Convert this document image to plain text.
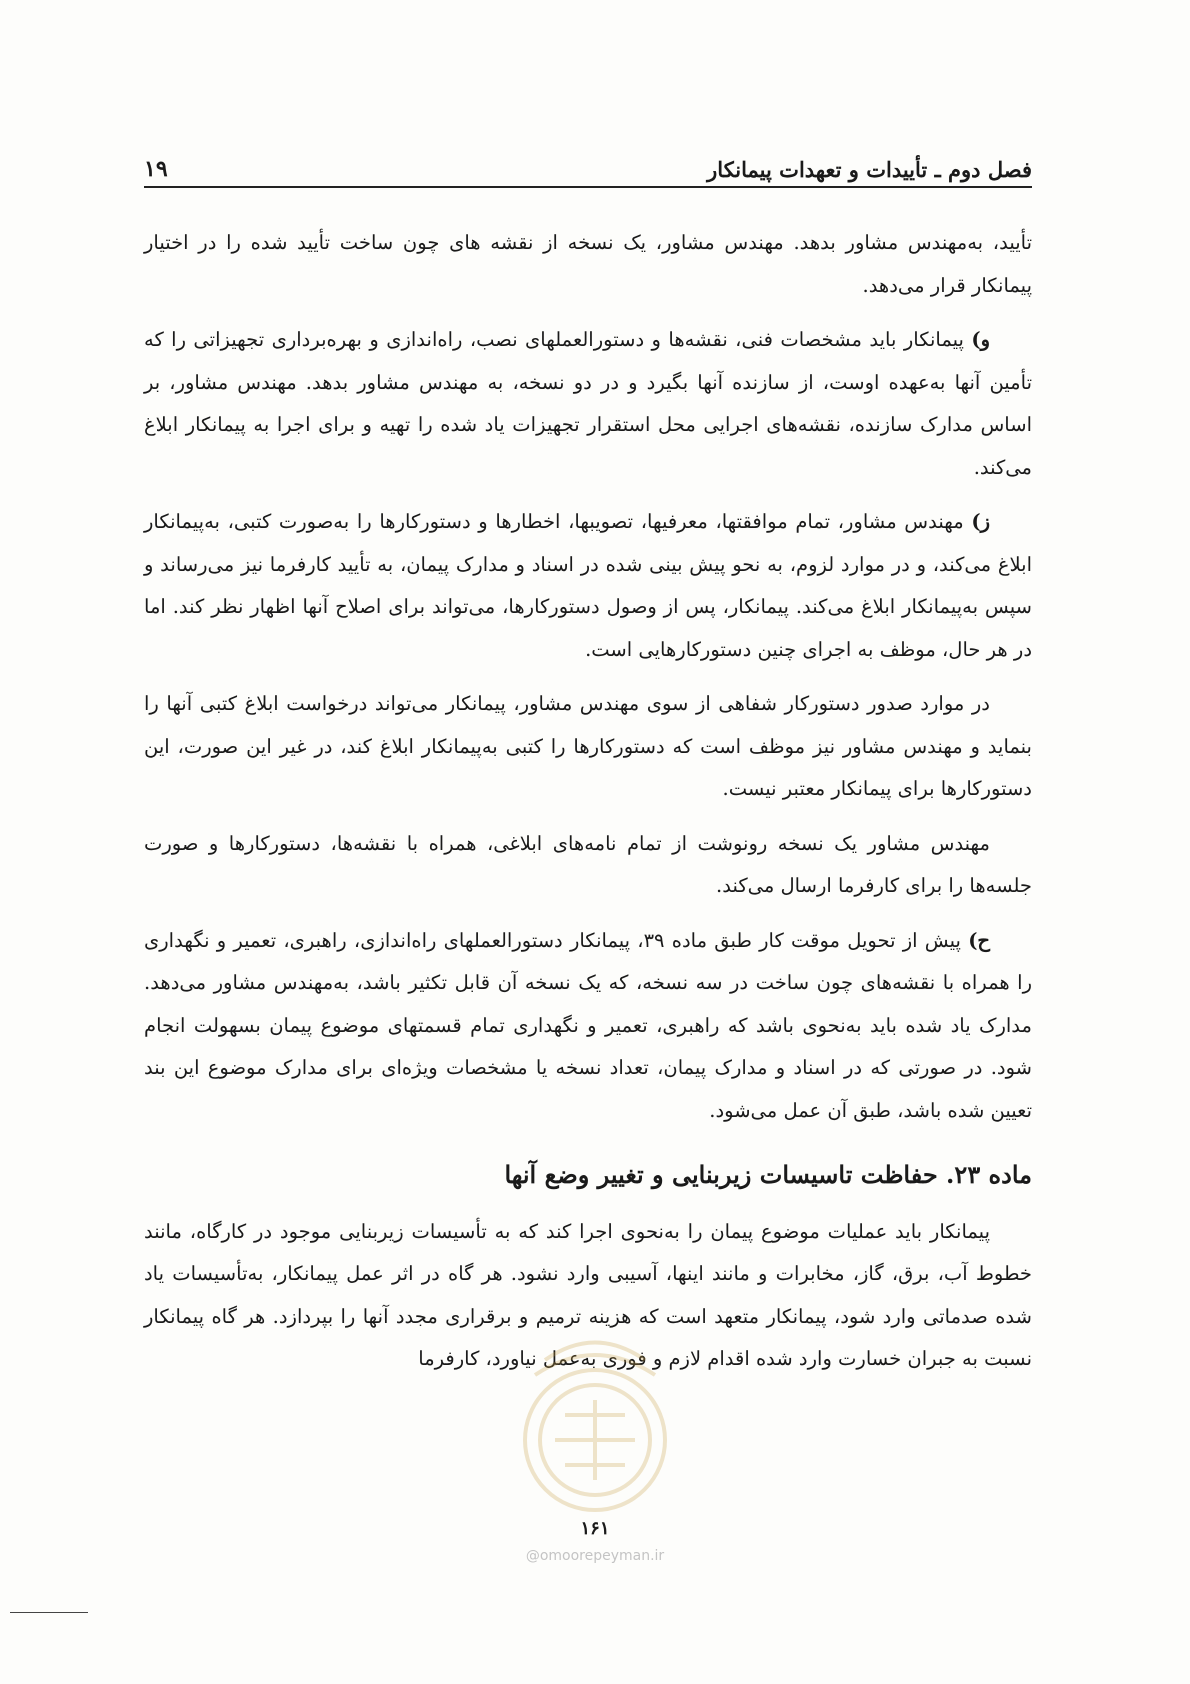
فصل دوم ـ تأییدات و تعهدات پیمانکار
۱۹

تأیید، به‌مهندس مشاور بدهد. مهندس مشاور، یک نسخه از نقشه های چون ساخت تأیید شده را در اختیار پیمانکار قرار می‌دهد.

و) پیمانکار باید مشخصات فنی، نقشه‌ها و دستورالعملهای نصب، راه‌اندازی و بهره‌برداری تجهیزاتی را که تأمین آنها به‌عهده اوست، از سازنده آنها بگیرد و در دو نسخه، به مهندس مشاور بدهد. مهندس مشاور، بر اساس مدارک سازنده، نقشه‌های اجرایی محل استقرار تجهیزات یاد شده را تهیه و برای اجرا به پیمانکار ابلاغ می‌کند.

ز) مهندس مشاور، تمام موافقتها، معرفیها، تصویبها، اخطارها و دستورکارها را به‌صورت کتبی، به‌پیمانکار ابلاغ می‌کند، و در موارد لزوم، به نحو پیش بینی شده در اسناد و مدارک پیمان، به تأیید کارفرما نیز می‌رساند و سپس به‌پیمانکار ابلاغ می‌کند. پیمانکار، پس از وصول دستورکارها، می‌تواند برای اصلاح آنها اظهار نظر کند. اما در هر حال، موظف به اجرای چنین دستورکارهایی است.

در موارد صدور دستورکار شفاهی از سوی مهندس مشاور، پیمانکار می‌تواند درخواست ابلاغ کتبی آنها را بنماید و مهندس مشاور نیز موظف است که دستورکارها را کتبی به‌پیمانکار ابلاغ کند، در غیر این صورت، این دستورکارها برای پیمانکار معتبر نیست.

مهندس مشاور یک نسخه رونوشت از تمام نامه‌های ابلاغی، همراه با نقشه‌ها، دستورکارها و صورت جلسه‌ها را برای کارفرما ارسال می‌کند.

ح) پیش از تحویل موقت کار طبق ماده ۳۹، پیمانکار دستورالعملهای راه‌اندازی، راهبری، تعمیر و نگهداری را همراه با نقشه‌های چون ساخت در سه نسخه، که یک نسخه آن قابل تکثیر باشد، به‌مهندس مشاور می‌دهد. مدارک یاد شده باید به‌نحوی باشد که راهبری، تعمیر و نگهداری تمام قسمتهای موضوع پیمان بسهولت انجام شود. در صورتی که در اسناد و مدارک پیمان، تعداد نسخه یا مشخصات ویژه‌ای برای مدارک موضوع این بند تعیین شده باشد، طبق آن عمل می‌شود.

ماده ۲۳. حفاظت تاسیسات زیربنایی و تغییر وضع آنها

پیمانکار باید عملیات موضوع پیمان را به‌نحوی اجرا کند که به تأسیسات زیربنایی موجود در کارگاه، مانند خطوط آب، برق، گاز، مخابرات و مانند اینها، آسیبی وارد نشود. هر گاه در اثر عمل پیمانکار، به‌تأسیسات یاد شده صدماتی وارد شود، پیمانکار متعهد است که هزینه ترمیم و برقراری مجدد آنها را بپردازد. هر گاه پیمانکار نسبت به جبران خسارت وارد شده اقدام لازم و فوری به‌عمل نیاورد، کارفرما

۱۶۱
@omoorepeyman.ir
